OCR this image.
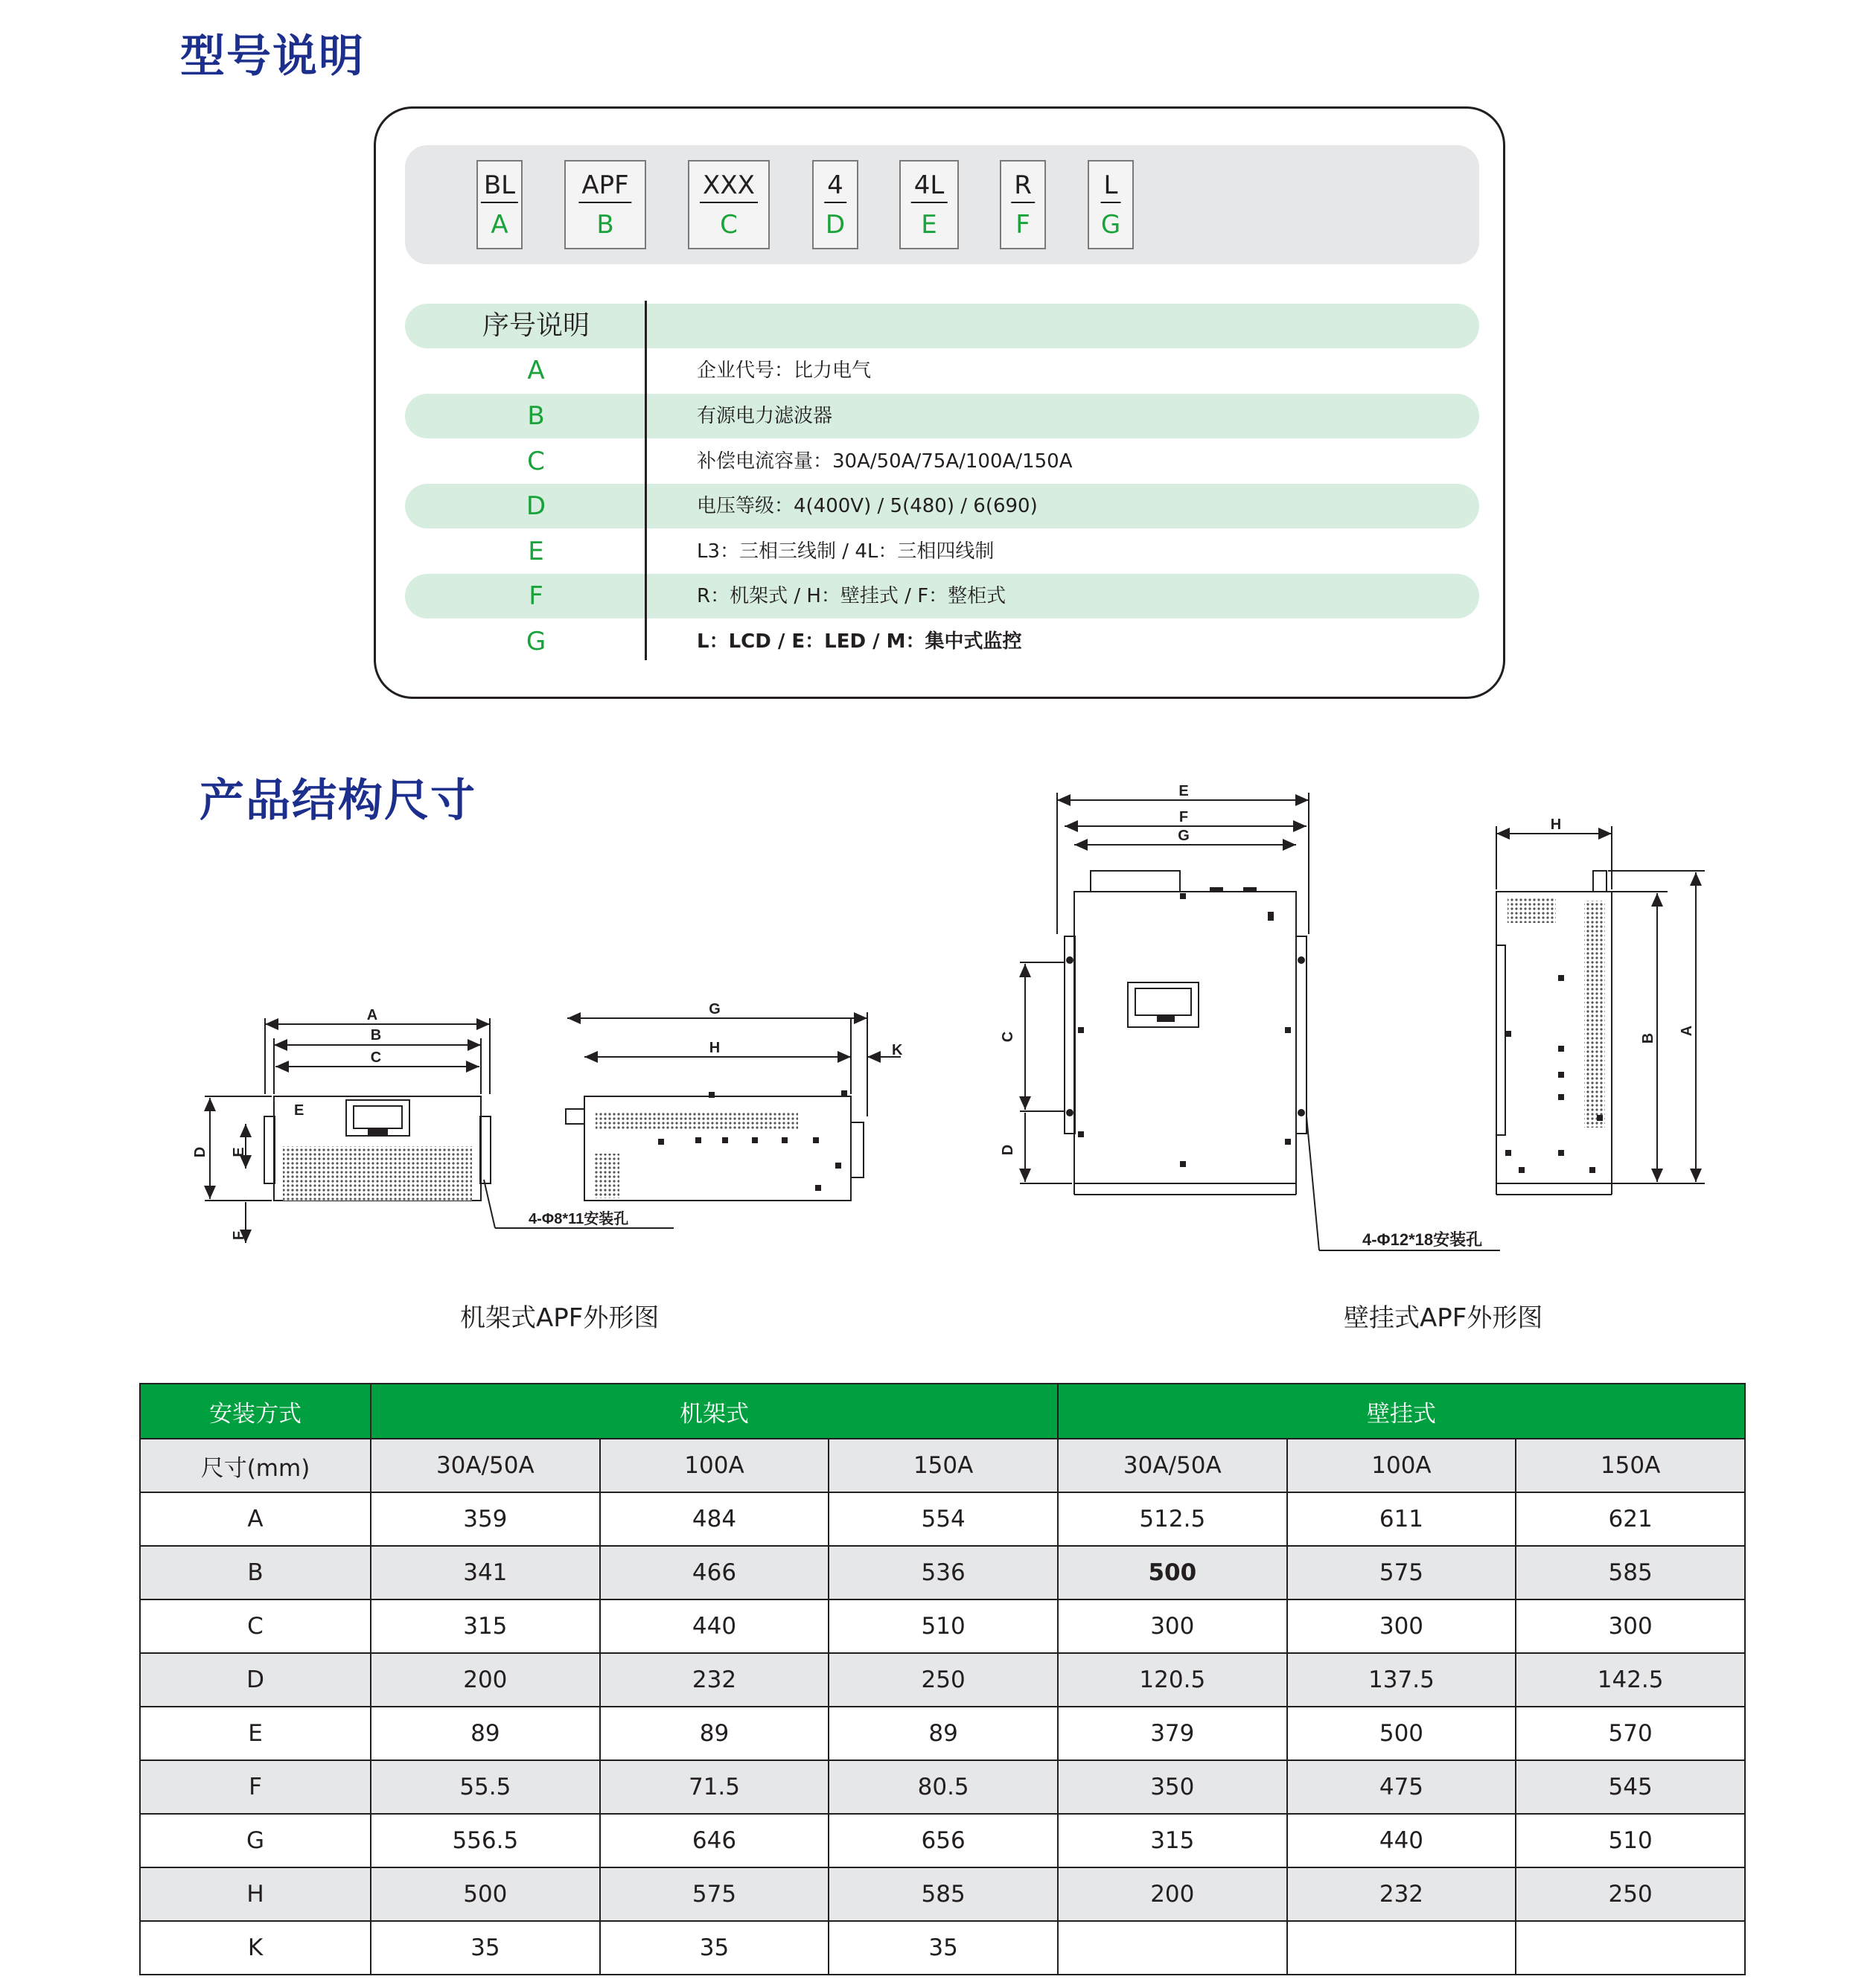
型号说明
产品结构尺寸
BL
A
APF
B
XXX
C
4
D
4L
E
R
F
L
G
序号说明
A	企业代号：比力电气
B	有源电力滤波器
C	补偿电流容量：30A/50A/75A/100A/150A
D	电压等级：4(400V) / 5(480) / 6(690)
E	L3：三相三线制 / 4L：三相四线制
F	R：机架式 / H：壁挂式 / F：整柜式
G	L：LCD / E：LED / M：集中式监控
A
B
C
E
D E
F
G
H	K
E
F
G
C
D
H
B
A
4-Φ8*11安装孔
4-Φ12*18安装孔
机架式APF外形图	壁挂式APF外形图
安装方式	机架式			壁挂式		
尺寸(mm)	30A/50A	100A	150A	30A/50A	100A	150A
A	359	484	554	512.5	611	621
B	341	466	536	500	575	585
C	315	440	510	300	300	300
D	200	232	250	120.5	137.5	142.5
E	89	89	89	379	500	570
F	55.5	71.5	80.5	350	475	545
G	556.5	646	656	315	440	510
H	500	575	585	200	232	250
K	35	35	35			
